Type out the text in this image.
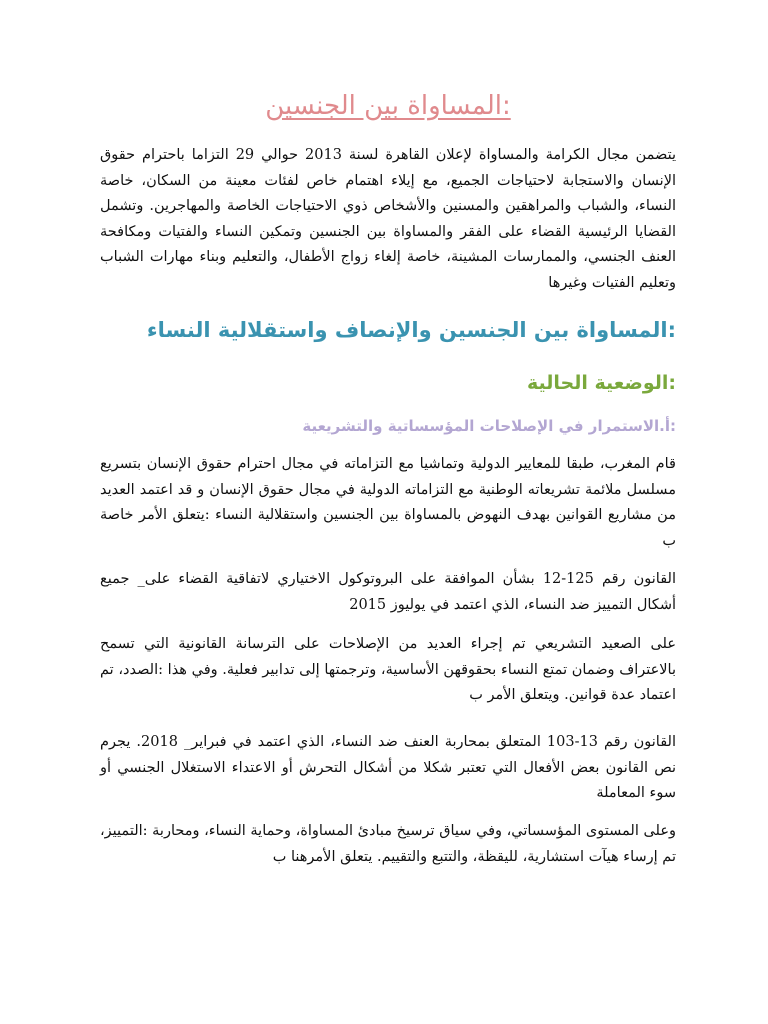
:المساواة بين الجنسين

يتضمن مجال الكرامة والمساواة لإعلان القاهرة لسنة 2013 حوالي 29 التزاما باحترام حقوق الإنسان والاستجابة لاحتياجات الجميع، مع إيلاء اهتمام خاص لفئات معينة من السكان، خاصة النساء، والشباب والمراهقين والمسنين والأشخاص ذوي الاحتياجات الخاصة والمهاجرين. وتشمل القضايا الرئيسية القضاء على الفقر والمساواة بين الجنسين وتمكين النساء والفتيات ومكافحة العنف الجنسي، والممارسات المشينة، خاصة إلغاء زواج الأطفال، والتعليم وبناء مهارات الشباب وتعليم الفتيات وغيرها

:المساواة بين الجنسين والإنصاف واستقلالية النساء
:الوضعية الحالية
:أ.الاستمرار في الإصلاحات المؤسساتية والتشريعية

قام المغرب، طبقا للمعايير الدولية وتماشيا مع التزاماته في مجال احترام حقوق الإنسان بتسريع مسلسل ملائمة تشريعاته الوطنية مع التزاماته الدولية في مجال حقوق الإنسان و قد اعتمد العديد من مشاريع القوانين بهدف النهوض بالمساواة بين الجنسين واستقلالية النساء :يتعلق الأمر خاصة ب

القانون رقم 125-12 بشأن الموافقة على البروتوكول الاختياري لاتفاقية القضاء على_ جميع أشكال التمييز ضد النساء، الذي اعتمد في يوليوز 2015

على الصعيد التشريعي تم إجراء العديد من الإصلاحات على الترسانة القانونية التي تسمح بالاعتراف وضمان تمتع النساء بحقوقهن الأساسية، وترجمتها إلى تدابير فعلية. وفي هذا :الصدد، تم اعتماد عدة قوانين. ويتعلق الأمر ب

القانون رقم 13-103 المتعلق بمحاربة العنف ضد النساء، الذي اعتمد في فبراير_ 2018. يجرم نص القانون بعض الأفعال التي تعتبر شكلا من أشكال التحرش أو الاعتداء الاستغلال الجنسي أو سوء المعاملة

وعلى المستوى المؤسساتي، وفي سياق ترسيخ مبادئ المساواة، وحماية النساء، ومحاربة :التمييز، تم إرساء هيآت استشارية، لليقظة، والتتبع والتقييم. يتعلق الأمرهنا ب
